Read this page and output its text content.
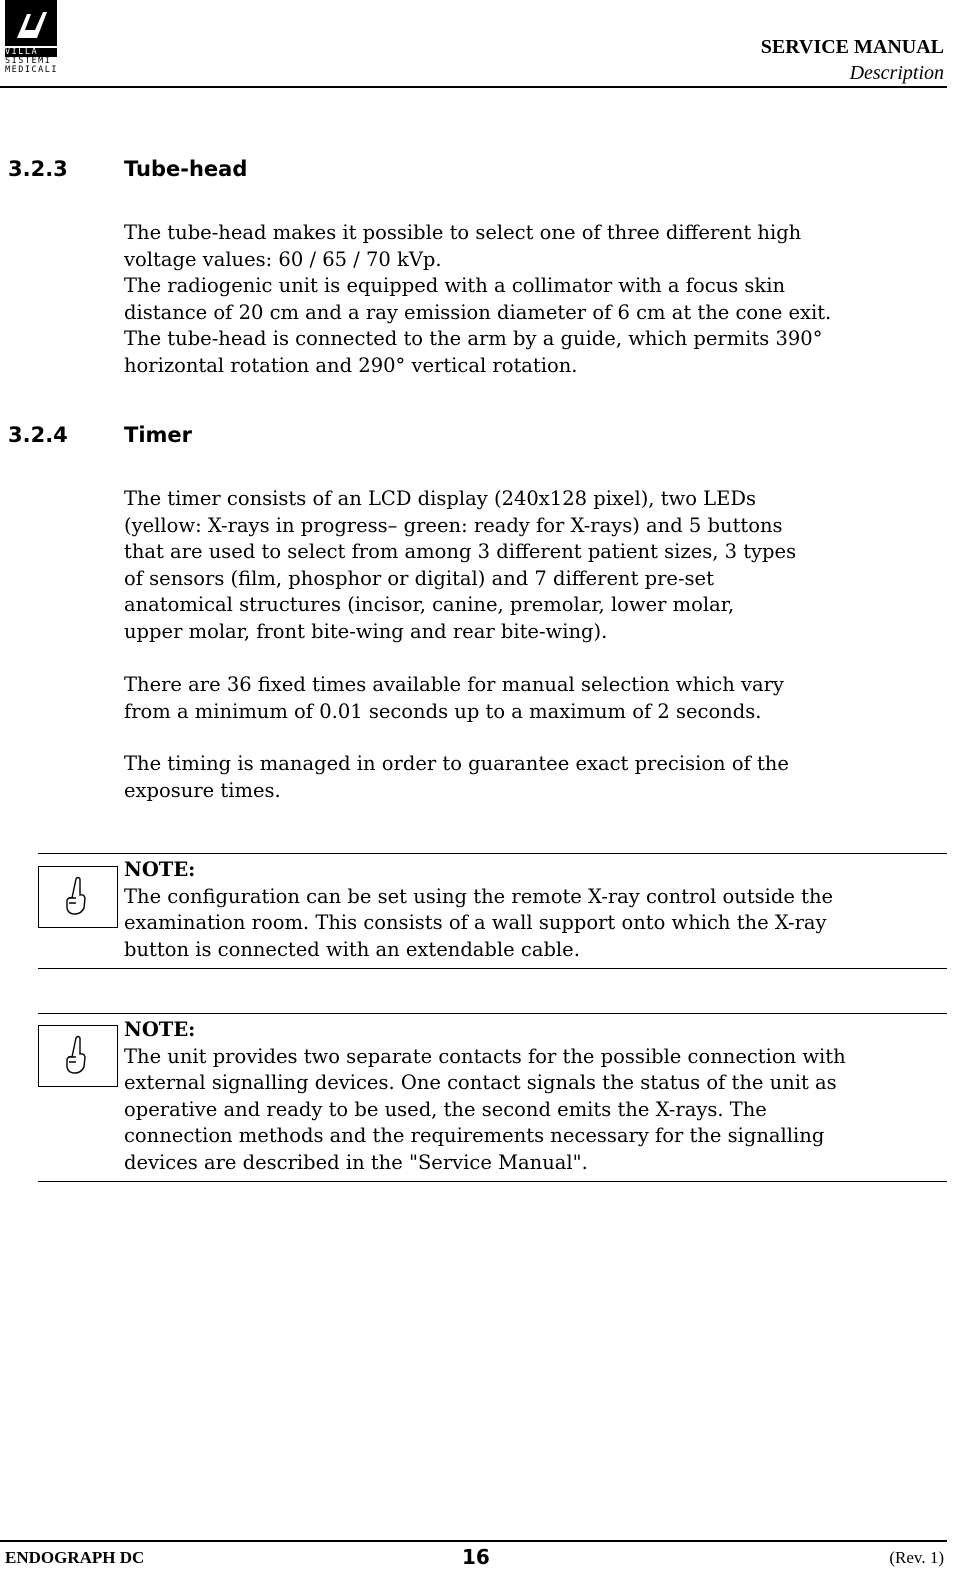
VILLA
SISTEMI
MEDICALI
SERVICE MANUAL
Description
3.2.3	Tube-head
The tube-head makes it possible to select one of three different high
voltage values: 60 / 65 / 70 kVp.
The radiogenic unit is equipped with a collimator with a focus skin
distance of 20 cm and a ray emission diameter of 6 cm at the cone exit.
The tube-head is connected to the arm by a guide, which permits 390°
horizontal rotation and 290° vertical rotation.
3.2.4	Timer
The timer consists of an LCD display (240x128 pixel), two LEDs
(yellow: X-rays in progress– green: ready for X-rays) and 5 buttons
that are used to select from among 3 different patient sizes, 3 types
of sensors (film, phosphor or digital) and 7 different pre-set
anatomical structures (incisor, canine, premolar, lower molar,
upper molar, front bite-wing and rear bite-wing).
There are 36 fixed times available for manual selection which vary
from a minimum of 0.01 seconds up to a maximum of 2 seconds.
The timing is managed in order to guarantee exact precision of the
exposure times.
NOTE:
The configuration can be set using the remote X-ray control outside the
examination room. This consists of a wall support onto which the X-ray
button is connected with an extendable cable.
NOTE:
The unit provides two separate contacts for the possible connection with
external signalling devices. One contact signals the status of the unit as
operative and ready to be used, the second emits the X-rays. The
connection methods and the requirements necessary for the signalling
devices are described in the "Service Manual".
ENDOGRAPH DC	16	(Rev. 1)
